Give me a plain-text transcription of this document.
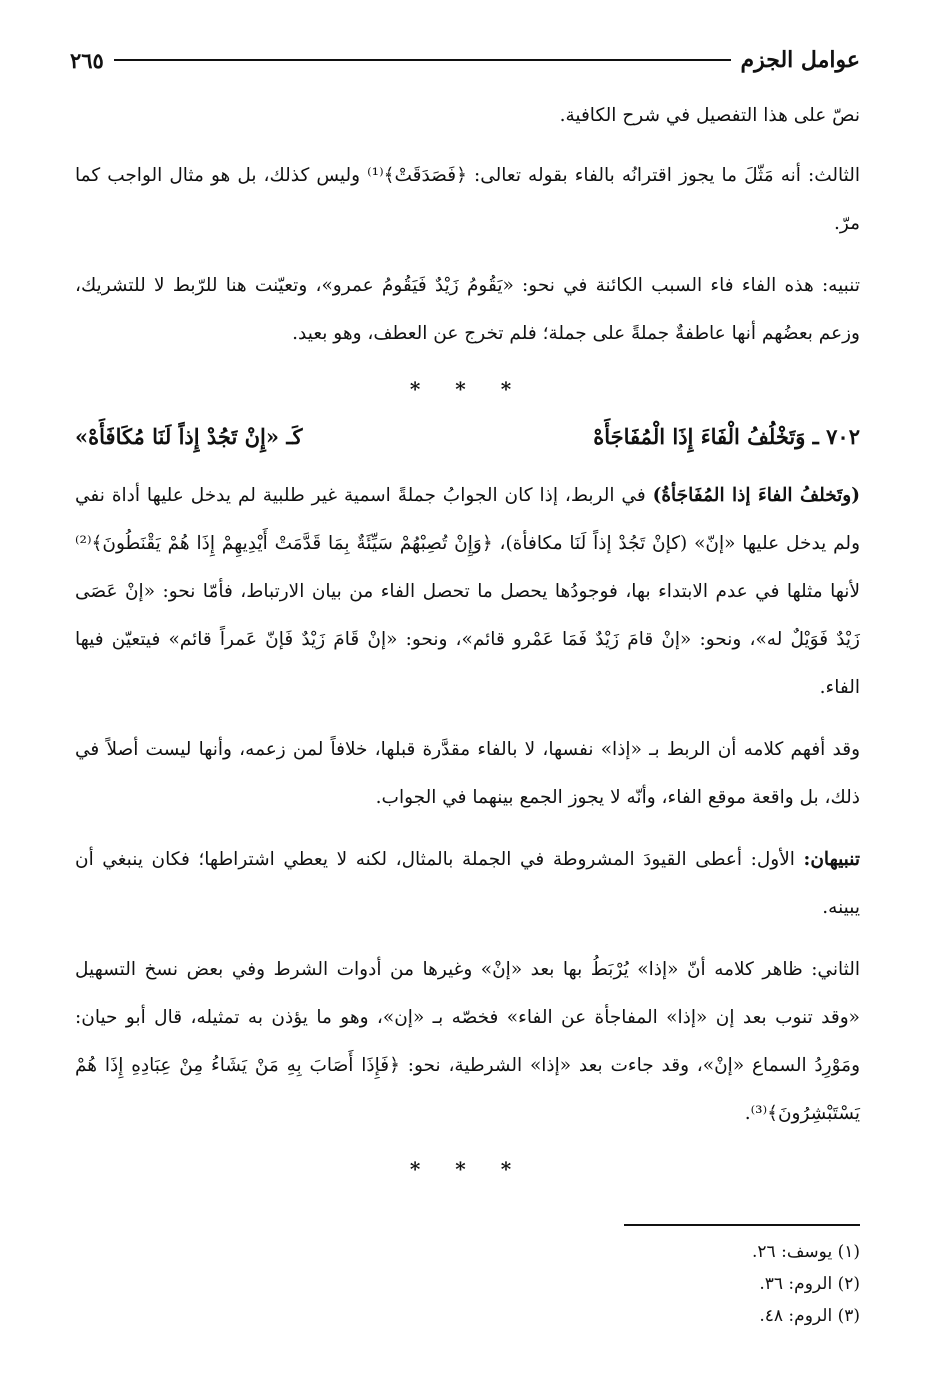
عوامل الجزم
٢٦٥

نصّ على هذا التفصيل في شرح الكافية.

الثالث: أنه مَثّلَ ما يجوز اقترانُه بالفاء بقوله تعالى: ﴿فَصَدَقَتْ﴾⁽¹⁾ وليس كذلك، بل هو مثال الواجب كما مرّ.

تنبيه: هذه الفاء فاء السبب الكائنة في نحو: «يَقُومُ زَيْدٌ فَيَقُومُ عمرو»، وتعيّنت هنا للرّبط لا للتشريك، وزعم بعضُهم أنها عاطفةٌ جملةً على جملة؛ فلم تخرج عن العطف، وهو بعيد.

* * *
٧٠٢ ـ وَتَخْلُفُ الْفَاءَ إِذَا الْمُفَاجَأَهْ
كَـ «إِنْ تَجُدْ إِذاً لَنَا مُكَافَأَهْ»

(وتَخلفُ الفاءَ إذا المُفَاجَأةُ) في الربط، إذا كان الجوابُ جملةً اسمية غير طلبية لم يدخل عليها أداة نفي ولم يدخل عليها «إنّ» (كإنْ تَجُدْ إذاً لَنَا مكافأة)، ﴿وَإِنْ تُصِبْهُمْ سَيِّئَةٌ بِمَا قَدَّمَتْ أَيْدِيهِمْ إِذَا هُمْ يَقْنَطُونَ﴾⁽²⁾ لأنها مثلها في عدم الابتداء بها، فوجودُها يحصل ما تحصل الفاء من بيان الارتباط، فأمّا نحو: «إنْ عَصَى زَيْدٌ فَوَيْلٌ له»، ونحو: «إنْ قامَ زَيْدٌ فَمَا عَمْرو قائم»، ونحو: «إنْ قَامَ زَيْدٌ فَإنّ عَمراً قائم» فيتعيّن فيها الفاء.

وقد أفهم كلامه أن الربط بـ «إذا» نفسها، لا بالفاء مقدَّرة قبلها، خلافاً لمن زعمه، وأنها ليست أصلاً في ذلك، بل واقعة موقع الفاء، وأنّه لا يجوز الجمع بينهما في الجواب.

تنبيهان: الأول: أعطى القيودَ المشروطة في الجملة بالمثال، لكنه لا يعطي اشتراطها؛ فكان ينبغي أن يبينه.

الثاني: ظاهر كلامه أنّ «إذا» يُرْبَطُ بها بعد «إنْ» وغيرها من أدوات الشرط وفي بعض نسخ التسهيل «وقد تنوب بعد إن «إذا» المفاجأة عن الفاء» فخصّه بـ «إن»، وهو ما يؤذن به تمثيله، قال أبو حيان: ومَوْرِدُ السماع «إنْ»، وقد جاءت بعد «إذا» الشرطية، نحو: ﴿فَإِذَا أَصَابَ بِهِ مَنْ يَشَاءُ مِنْ عِبَادِهِ إِذَا هُمْ يَسْتَبْشِرُونَ﴾⁽³⁾.

* * *
(١) يوسف: ٢٦.
(٢) الروم: ٣٦.
(٣) الروم: ٤٨.
